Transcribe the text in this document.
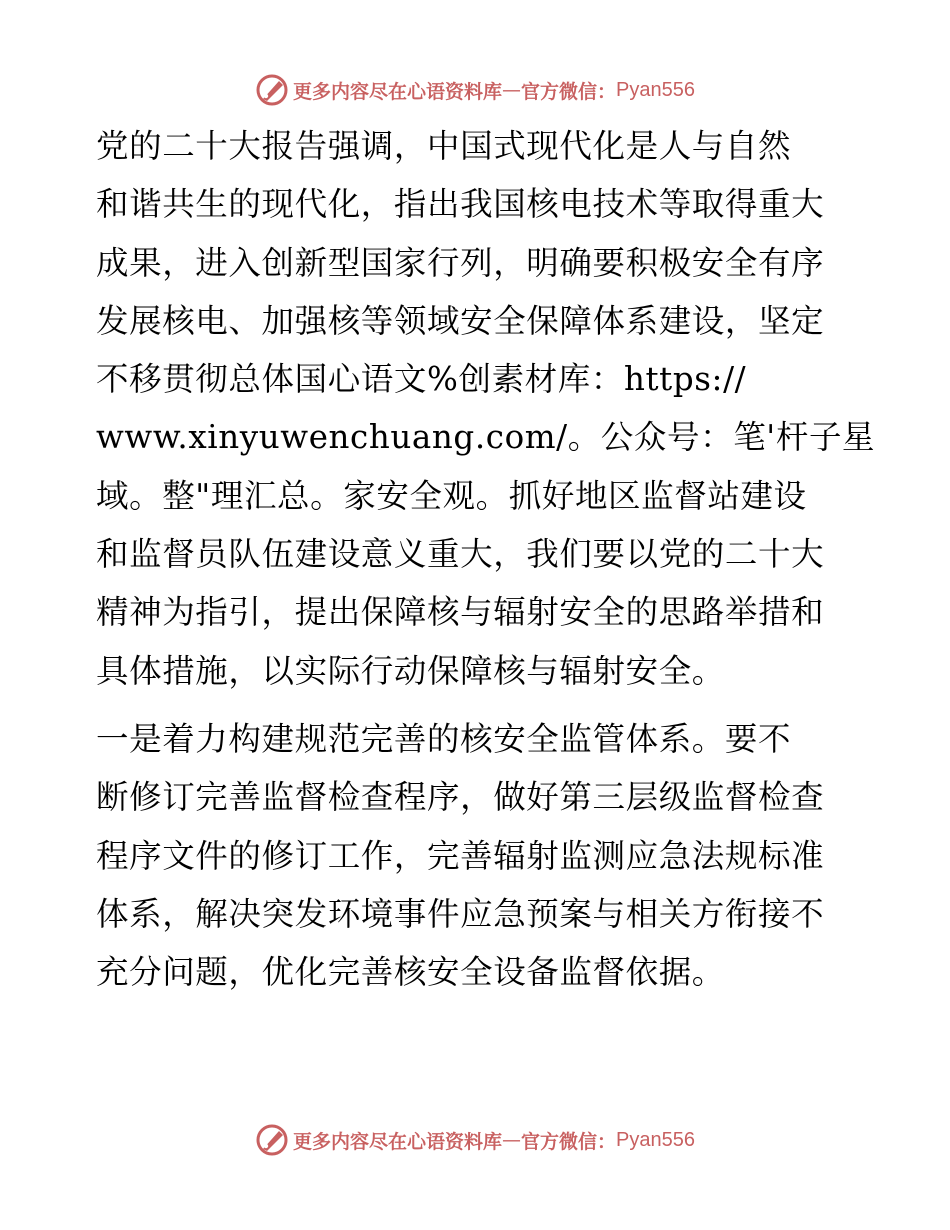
更多内容尽在心语资料库 — 官方微信： Pyan556

党的二十大报告强调，中国式现代化是人与自然
和谐共生的现代化，指出我国核电技术等取得重大
成果，进入创新型国家行列，明确要积极安全有序
发展核电、加强核等领域安全保障体系建设，坚定
不移贯彻总体国心语文%创素材库：https://
www.xinyuwenchuang.com/。公众号：笔'杆子星
域。整"理汇总。家安全观。抓好地区监督站建设
和监督员队伍建设意义重大，我们要以党的二十大
精神为指引，提出保障核与辐射安全的思路举措和
具体措施，以实际行动保障核与辐射安全。

一是着力构建规范完善的核安全监管体系。要不
断修订完善监督检查程序，做好第三层级监督检查
程序文件的修订工作，完善辐射监测应急法规标准
体系，解决突发环境事件应急预案与相关方衔接不
充分问题，优化完善核安全设备监督依据。

更多内容尽在心语资料库 — 官方微信： Pyan556
